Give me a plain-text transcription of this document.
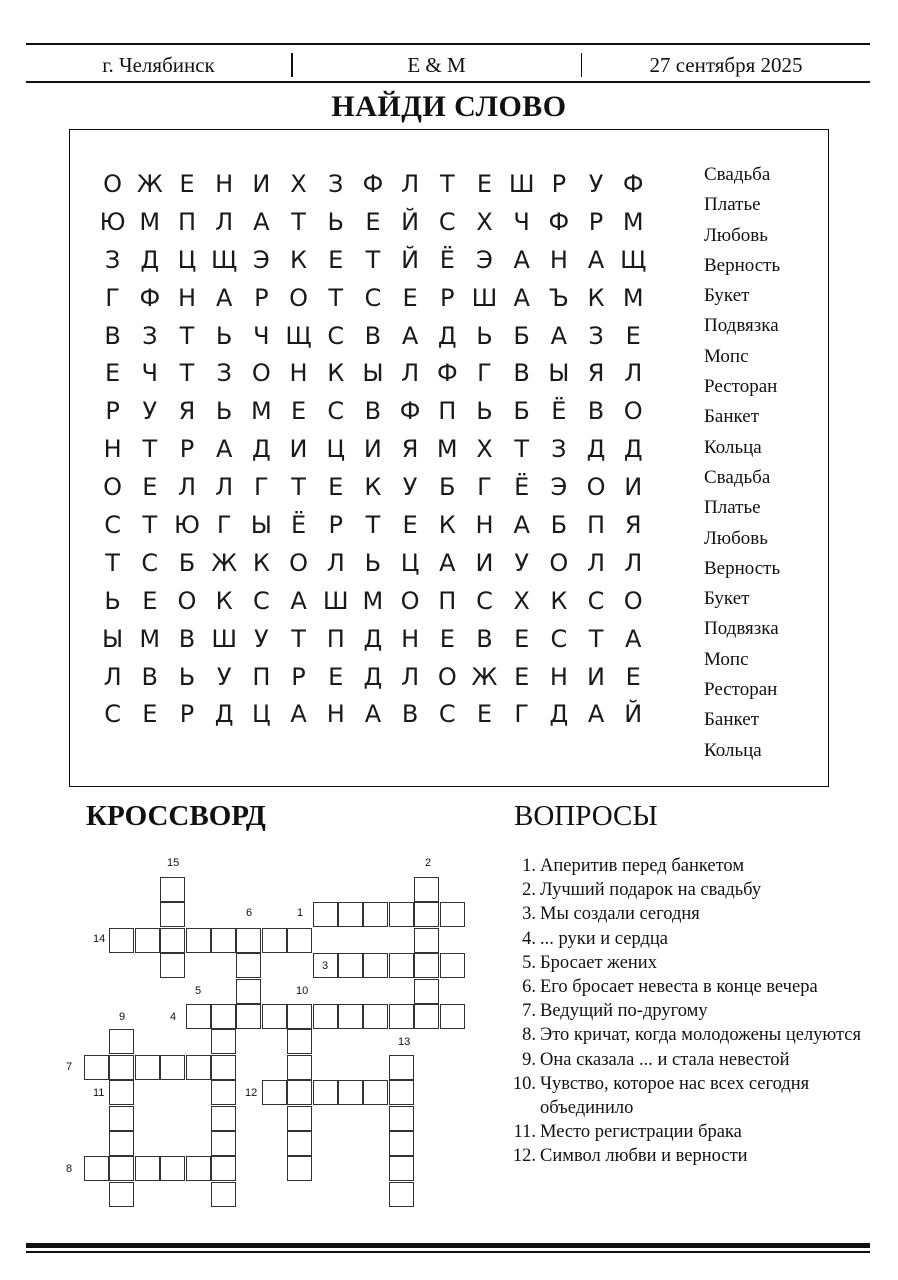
г. Челябинск	E & M	27 сентября 2025
НАЙДИ СЛОВО
О Ж Е Н И Х З Ф Л Т Е Ш Р У Ф
Ю М П Л А Т Ь Е Й С Х Ч Ф Р М
З Д Ц Щ Э К Е Т Й Ё Э А Н А Щ
Г Ф Н А Р О Т С Е Р Ш А Ъ К М
В З Т Ь Ч Щ С В А Д Ь Б А З Е
Е Ч Т З О Н К Ы Л Ф Г В Ы Я Л
Р У Я Ь М Е С В Ф П Ь Б Ё В О
Н Т Р А Д И Ц И Я М Х Т З Д Д
О Е Л Л Г Т Е К У Б Г Ё Э О И
С Т Ю Г Ы Ё Р Т Е К Н А Б П Я
Т С Б Ж К О Л Ь Ц А И У О Л Л
Ь Е О К С А Ш М О П С Х К С О
Ы М В Ш У Т П Д Н Е В Е С Т А
Л В Ь У П Р Е Д Л О Ж Е Н И Е
С Е Р Д Ц А Н А В С Е Г Д А Й
Свадьба
Платье
Любовь
Верность
Букет
Подвязка
Мопс
Ресторан
Банкет
Кольца
Свадьба
Платье
Любовь
Верность
Букет
Подвязка
Мопс
Ресторан
Банкет
Кольца
КРОССВОРД
15	2
6	1
14
3
5	10
9	4
13
7
11	12
8
ВОПРОСЫ
1. Аперитив перед банкетом
2. Лучший подарок на свадьбу
3. Мы создали сегодня
4. ... руки и сердца
5. Бросает жених
6. Его бросает невеста в конце вечера
7. Ведущий по-другому
8. Это кричат, когда молодожены целуются
9. Она сказала ... и стала невестой
10. Чувство, которое нас всех сегодня объединило
11. Место регистрации брака
12. Символ любви и верности
